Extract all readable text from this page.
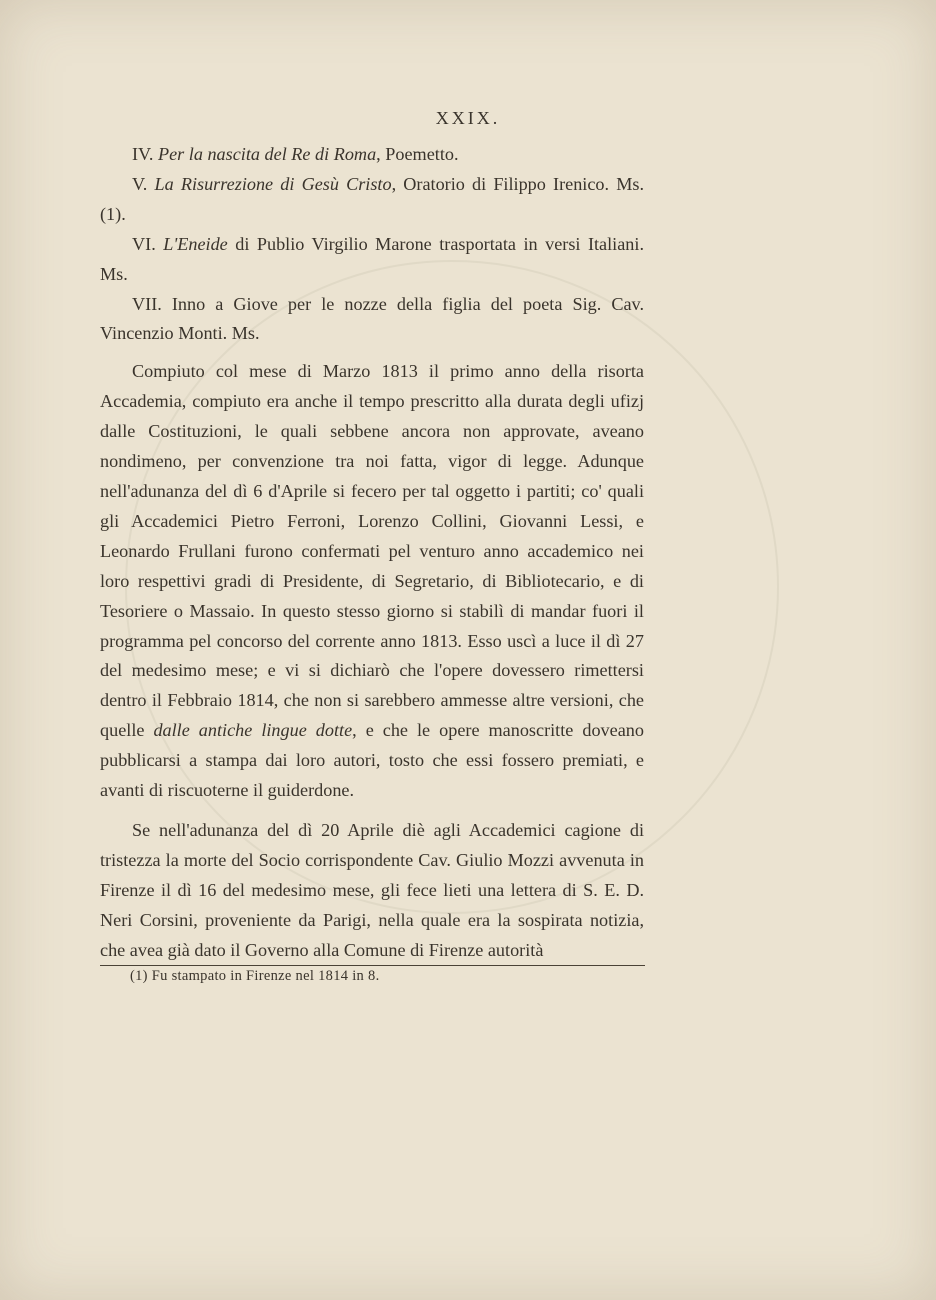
XXIX.

IV. Per la nascita del Re di Roma, Poemetto.

V. La Risurrezione di Gesù Cristo, Oratorio di Filippo Irenico. Ms. (1).

VI. L'Eneide di Publio Virgilio Marone trasportata in versi Italiani. Ms.

VII. Inno a Giove per le nozze della figlia del poeta Sig. Cav. Vincenzio Monti. Ms.

Compiuto col mese di Marzo 1813 il primo anno della risorta Accademia, compiuto era anche il tempo prescritto alla durata degli ufizj dalle Costituzioni, le quali sebbene ancora non approvate, aveano nondimeno, per convenzione tra noi fatta, vigor di legge. Adunque nell'adunanza del dì 6 d'Aprile si fecero per tal oggetto i partiti; co' quali gli Accademici Pietro Ferroni, Lorenzo Collini, Giovanni Lessi, e Leonardo Frullani furono confermati pel venturo anno accademico nei loro respettivi gradi di Presidente, di Segretario, di Bibliotecario, e di Tesoriere o Massaio. In questo stesso giorno si stabilì di mandar fuori il programma pel concorso del corrente anno 1813. Esso uscì a luce il dì 27 del medesimo mese; e vi si dichiarò che l'opere dovessero rimettersi dentro il Febbraio 1814, che non si sarebbero ammesse altre versioni, che quelle dalle antiche lingue dotte, e che le opere manoscritte doveano pubblicarsi a stampa dai loro autori, tosto che essi fossero premiati, e avanti di riscuoterne il guiderdone.

Se nell'adunanza del dì 20 Aprile diè agli Accademici cagione di tristezza la morte del Socio corrispondente Cav. Giulio Mozzi avvenuta in Firenze il dì 16 del medesimo mese, gli fece lieti una lettera di S. E. D. Neri Corsini, proveniente da Parigi, nella quale era la sospirata notizia, che avea già dato il Governo alla Comune di Firenze autorità

(1) Fu stampato in Firenze nel 1814 in 8.
